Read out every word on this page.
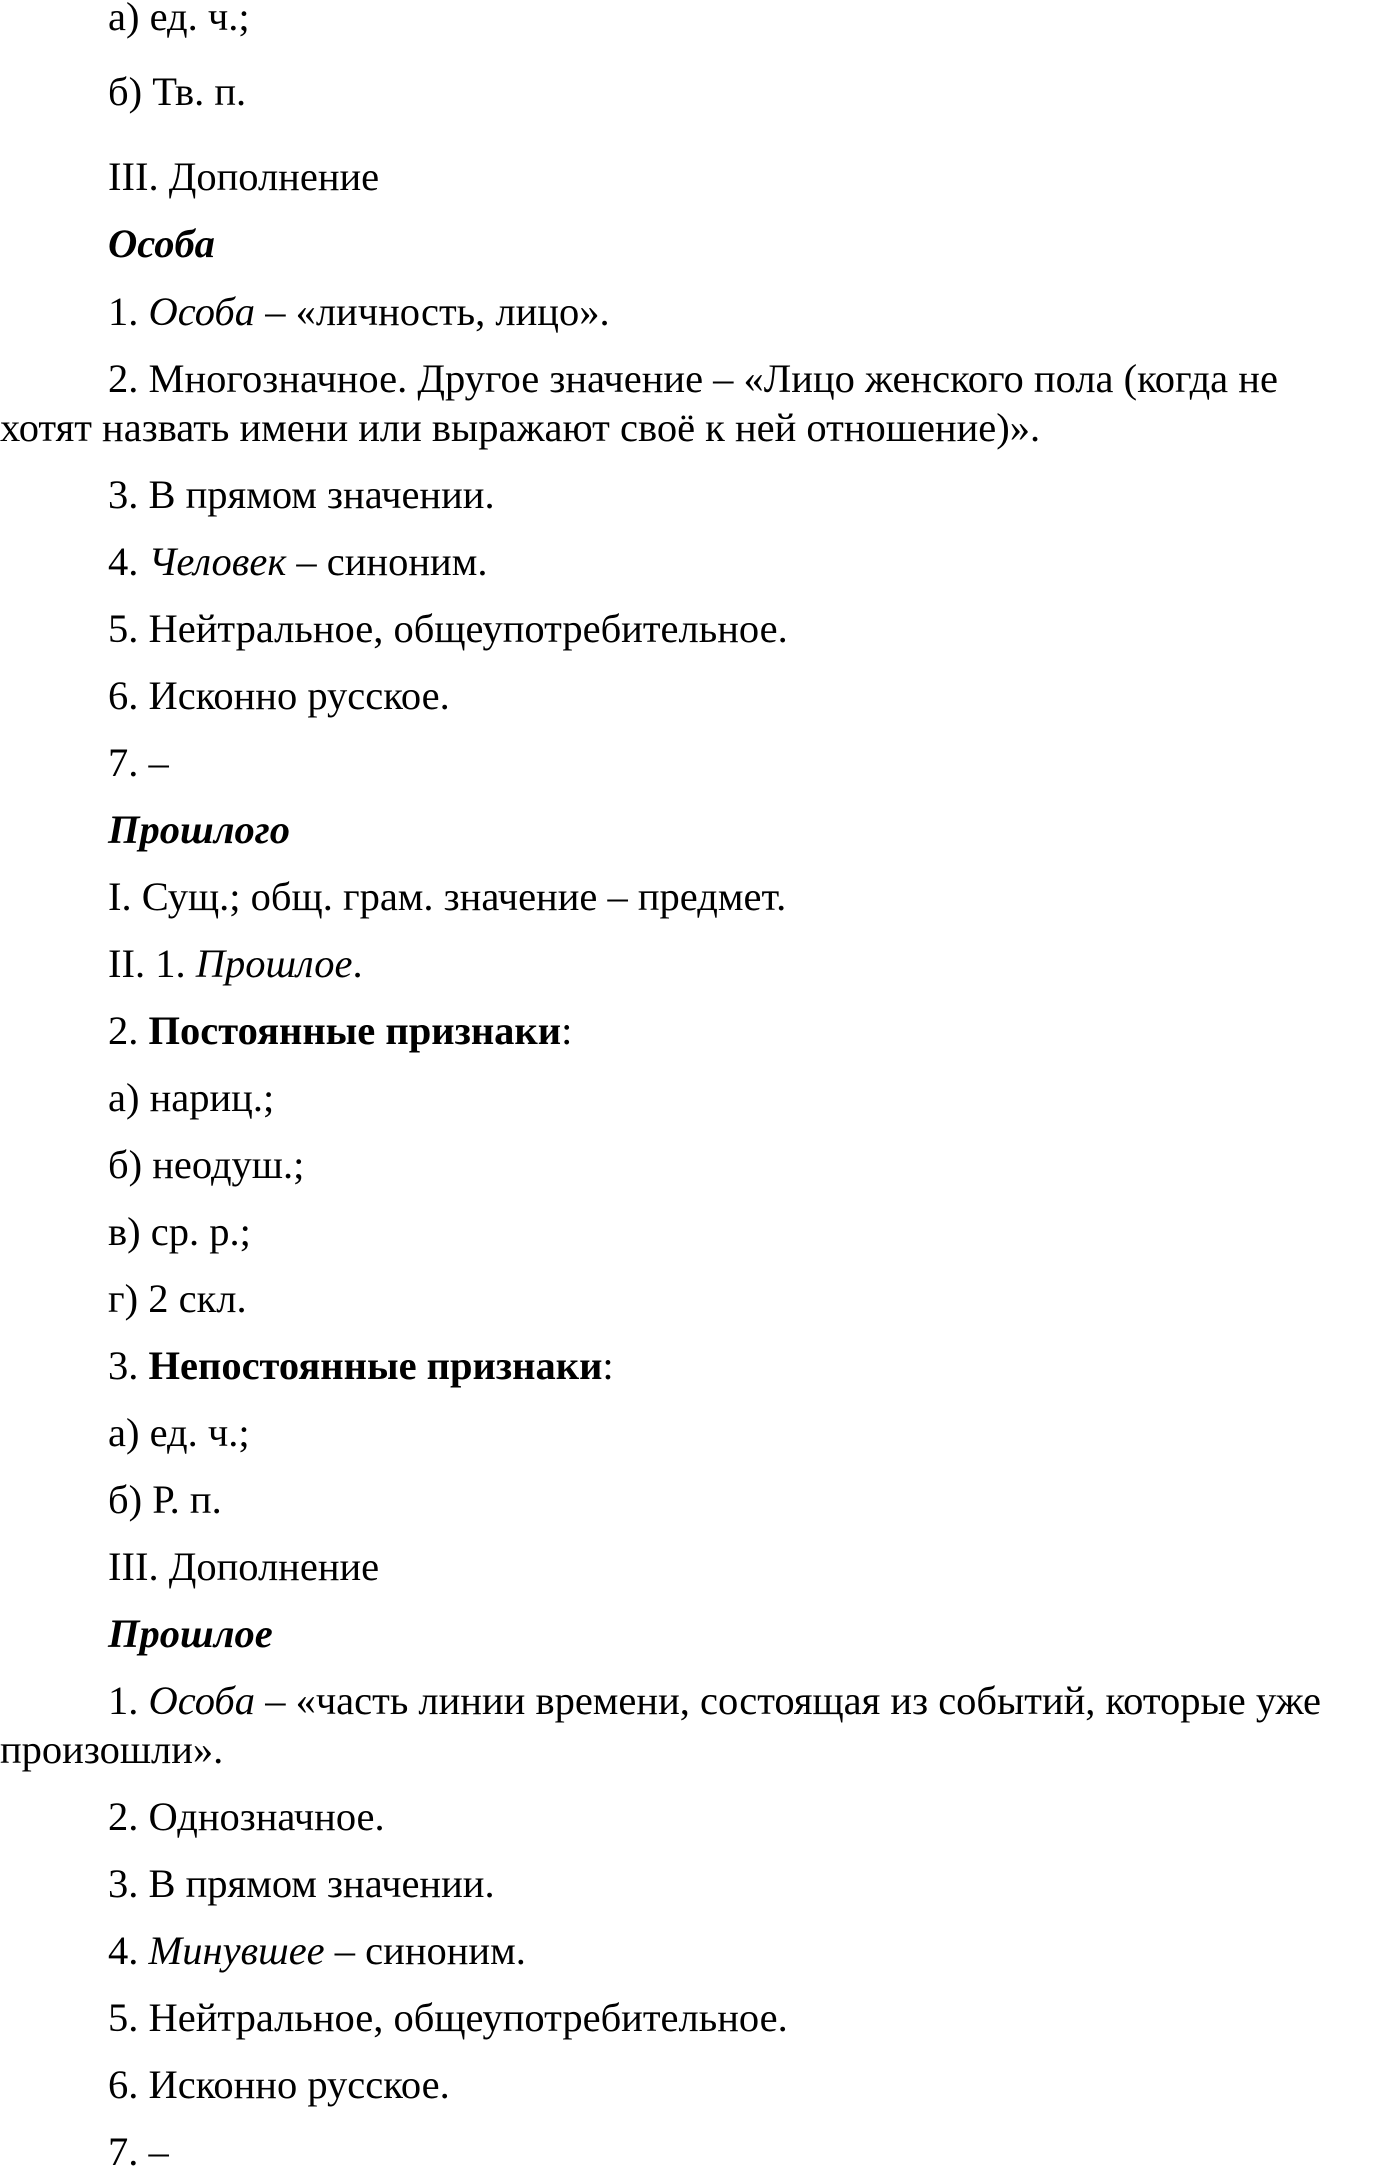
а) ед. ч.;

б) Тв. п.

III. Дополнение

Особа

1. Особа – «личность, лицо».

2. Многозначное. Другое значение – «Лицо женского пола (когда не

хотят назвать имени или выражают своё к ней отношение)».

3. В прямом значении.

4. Человек – синоним.

5. Нейтральное, общеупотребительное.

6. Исконно русское.

7. –

Прошлого

I. Сущ.; общ. грам. значение – предмет.

II. 1. Прошлое.

2. Постоянные признаки:

а) нариц.;

б) неодуш.;

в) ср. р.;

г) 2 скл.

3. Непостоянные признаки:

а) ед. ч.;

б) Р. п.

III. Дополнение

Прошлое

1. Особа – «часть линии времени, состоящая из событий, которые уже

произошли».

2. Однозначное.

3. В прямом значении.

4. Минувшее – синоним.

5. Нейтральное, общеупотребительное.

6. Исконно русское.

7. –
